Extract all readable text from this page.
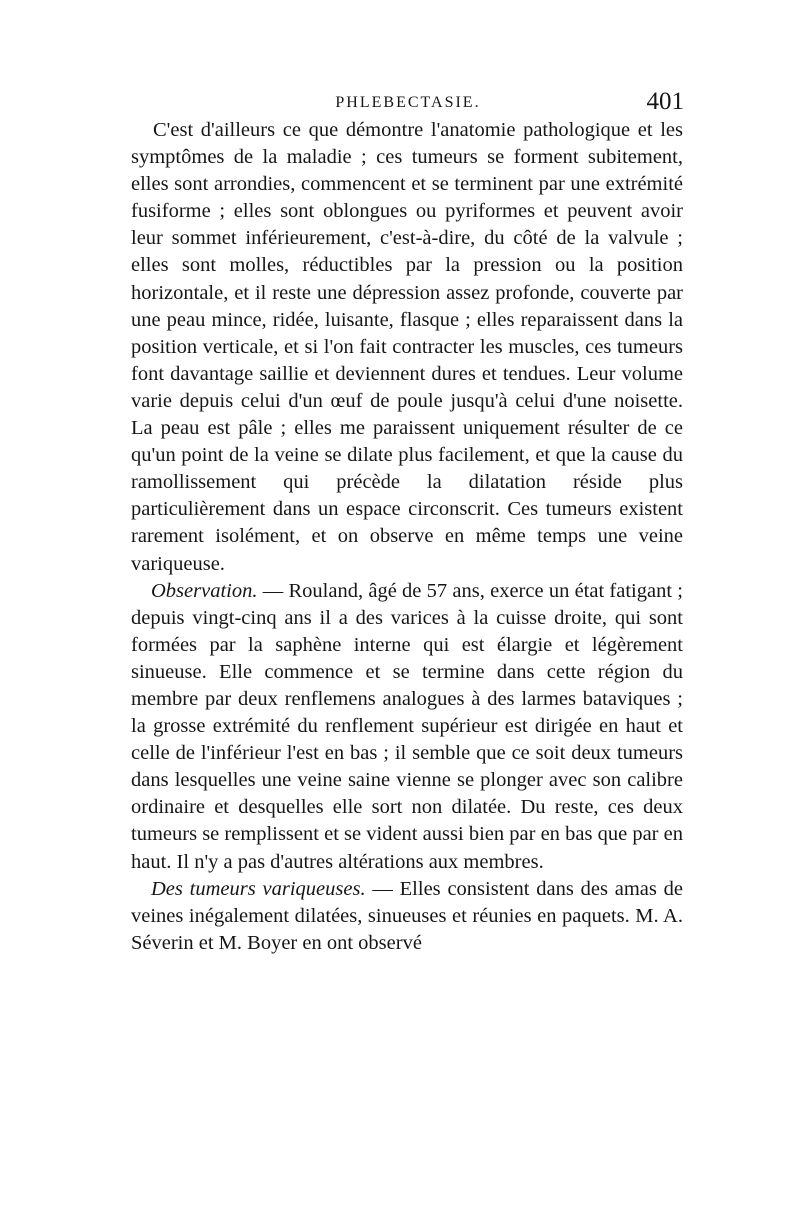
PHLEBECTASIE.	401

C'est d'ailleurs ce que démontre l'anatomie pathologique et les symptômes de la maladie ; ces tumeurs se forment subitement, elles sont arrondies, commencent et se terminent par une extrémité fusiforme ; elles sont oblongues ou pyriformes et peuvent avoir leur sommet inférieurement, c'est-à-dire, du côté de la valvule ; elles sont molles, réductibles par la pression ou la position horizontale, et il reste une dépression assez profonde, couverte par une peau mince, ridée, luisante, flasque ; elles reparaissent dans la position verticale, et si l'on fait contracter les muscles, ces tumeurs font davantage saillie et deviennent dures et tendues. Leur volume varie depuis celui d'un œuf de poule jusqu'à celui d'une noisette. La peau est pâle ; elles me paraissent uniquement résulter de ce qu'un point de la veine se dilate plus facilement, et que la cause du ramollissement qui précède la dilatation réside plus particulièrement dans un espace circonscrit. Ces tumeurs existent rarement isolément, et on observe en même temps une veine variqueuse.

Observation. — Rouland, âgé de 57 ans, exerce un état fatigant ; depuis vingt-cinq ans il a des varices à la cuisse droite, qui sont formées par la saphène interne qui est élargie et légèrement sinueuse. Elle commence et se termine dans cette région du membre par deux renflemens analogues à des larmes bataviques ; la grosse extrémité du renflement supérieur est dirigée en haut et celle de l'inférieur l'est en bas ; il semble que ce soit deux tumeurs dans lesquelles une veine saine vienne se plonger avec son calibre ordinaire et desquelles elle sort non dilatée. Du reste, ces deux tumeurs se remplissent et se vident aussi bien par en bas que par en haut. Il n'y a pas d'autres altérations aux membres.

Des tumeurs variqueuses. — Elles consistent dans des amas de veines inégalement dilatées, sinueuses et réunies en paquets. M. A. Séverin et M. Boyer en ont observé
